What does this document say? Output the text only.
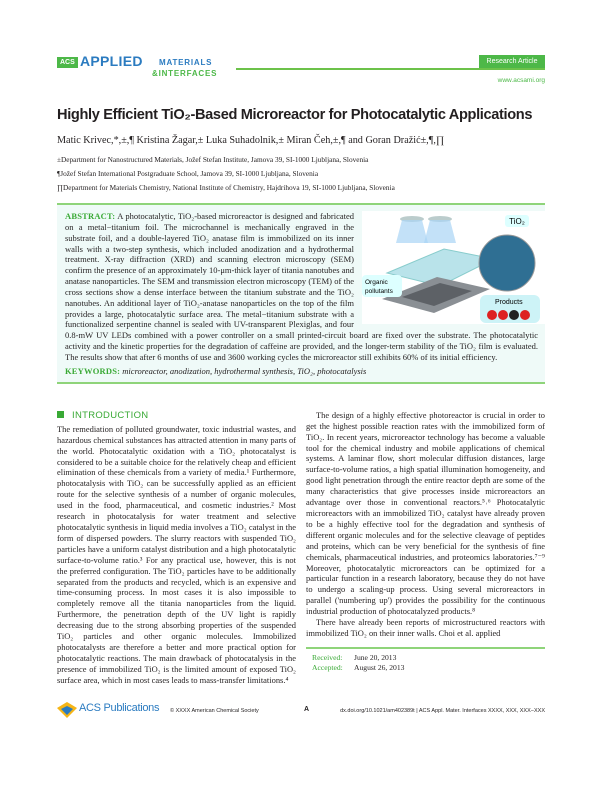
ACS APPLIED MATERIALS
&INTERFACES
Research Article
www.acsami.org
Highly Efficient TiO₂-Based Microreactor for Photocatalytic Applications
Matic Krivec,*,±,¶ Kristina Žagar,± Luka Suhadolnik,± Miran Čeh,±,¶ and Goran Dražić±,¶,∏
±Department for Nanostructured Materials, Jožef Stefan Institute, Jamova 39, SI-1000 Ljubljana, Slovenia
¶Jožef Stefan International Postgraduate School, Jamova 39, SI-1000 Ljubljana, Slovenia
∏Department for Materials Chemistry, National Institute of Chemistry, Hajdrihova 19, SI-1000 Ljubljana, Slovenia
TiO₂
Organic
pollutants
Products
ABSTRACT: A photocatalytic, TiO₂-based microreactor is designed and fabricated on a metal−titanium foil. The microchannel is mechanically engraved in the substrate foil, and a double-layered TiO₂ anatase film is immobilized on its inner walls with a two-step synthesis, which included anodization and a hydrothermal treatment. X-ray diffraction (XRD) and scanning electron microscopy (SEM) confirm the presence of an approximately 10-μm-thick layer of titania nanotubes and anatase nanoparticles. The SEM and transmission electron microscopy (TEM) of the cross sections show a dense interface between the titanium substrate and the TiO₂ nanotubes. An additional layer of TiO₂-anatase nanoparticles on the top of the film provides a large, photocatalytic surface area. The metal−titanium substrate with a functionalized serpentine channel is sealed with UV-transparent Plexiglas, and four 0.8-mW UV LEDs combined with a power controller on a small printed-circuit board are fixed over the substrate. The photocatalytic activity and the kinetic properties for the degradation of caffeine are provided, and the longer-term stability of the TiO₂ film is evaluated. The results show that after 6 months of use and 3600 working cycles the microreactor still exhibits 60% of its initial efficiency.
KEYWORDS: microreactor, anodization, hydrothermal synthesis, TiO₂, photocatalysis
INTRODUCTION

The remediation of polluted groundwater, toxic industrial wastes, and hazardous chemical substances has attracted attention in many parts of the world. Photocatalytic oxidation with a TiO₂ photocatalyst is considered to be a suitable choice for the relatively cheap and efficient elimination of these chemicals from a variety of media.¹ Furthermore, photocatalysis with TiO₂ can be successfully applied as an efficient route for the selective synthesis of a number of organic molecules, used in the food, pharmaceutical, and cosmetic industries.² Most research in photocatalysis for water treatment and selective photocatalytic synthesis in liquid media involves a TiO₂ catalyst in the form of dispersed powders. The slurry reactors with suspended TiO₂ particles have a uniform catalyst distribution and a high photocatalytic surface-to-volume ratio.³ For any practical use, however, this is not the preferred configuration. The TiO₂ particles have to be additionally separated from the products and recycled, which is an expensive and time-consuming process. In most cases it is also impossible to completely remove all the titania nanoparticles from the liquid. Furthermore, the penetration depth of the UV light is rapidly decreasing due to the strong absorbing properties of the suspended TiO₂ particles and other organic molecules. Immobilized photocatalysts are therefore a better and more practical option for photocatalytic reactions. The main drawback of photocatalysis in the presence of immobilized TiO₂ is the limited amount of exposed TiO₂ surface area, which in most cases leads to mass-transfer limitations.⁴

The design of a highly effective photoreactor is crucial in order to get the highest possible reaction rates with the immobilized form of TiO₂. In recent years, microreactor technology has become a valuable tool for the chemical industry and mobile applications of chemical systems. A laminar flow, short molecular diffusion distances, large surface-to-volume ratios, a high spatial illumination homogeneity, and good light penetration through the entire reactor depth are some of the many characteristics that give processes inside microreactors an advantage over those in conventional reactors.⁵˒⁶ Photocatalytic microreactors with an immobilized TiO₂ catalyst have already proven to be a highly effective tool for the degradation and synthesis of different organic molecules and for the selective cleavage of peptides and proteins, which can be very beneficial for the synthesis of fine chemicals, pharmaceutical industries, and proteomics laboratories.⁷⁻⁹ Moreover, photocatalytic microreactors can be optimized for a particular function in a research laboratory, because they do not have to undergo a scaling-up process. Using several microreactors in parallel ('numbering up') provides the possibility for the continuous industrial production of photocatalyzed products.⁸

There have already been reports of microstructured reactors with immobilized TiO₂ on their inner walls. Choi et al. applied

Received: June 20, 2013
Accepted: August 26, 2013
ACS Publications © XXXX American Chemical Society	A	dx.doi.org/10.1021/am402389t | ACS Appl. Mater. Interfaces XXXX, XXX, XXX−XXX
